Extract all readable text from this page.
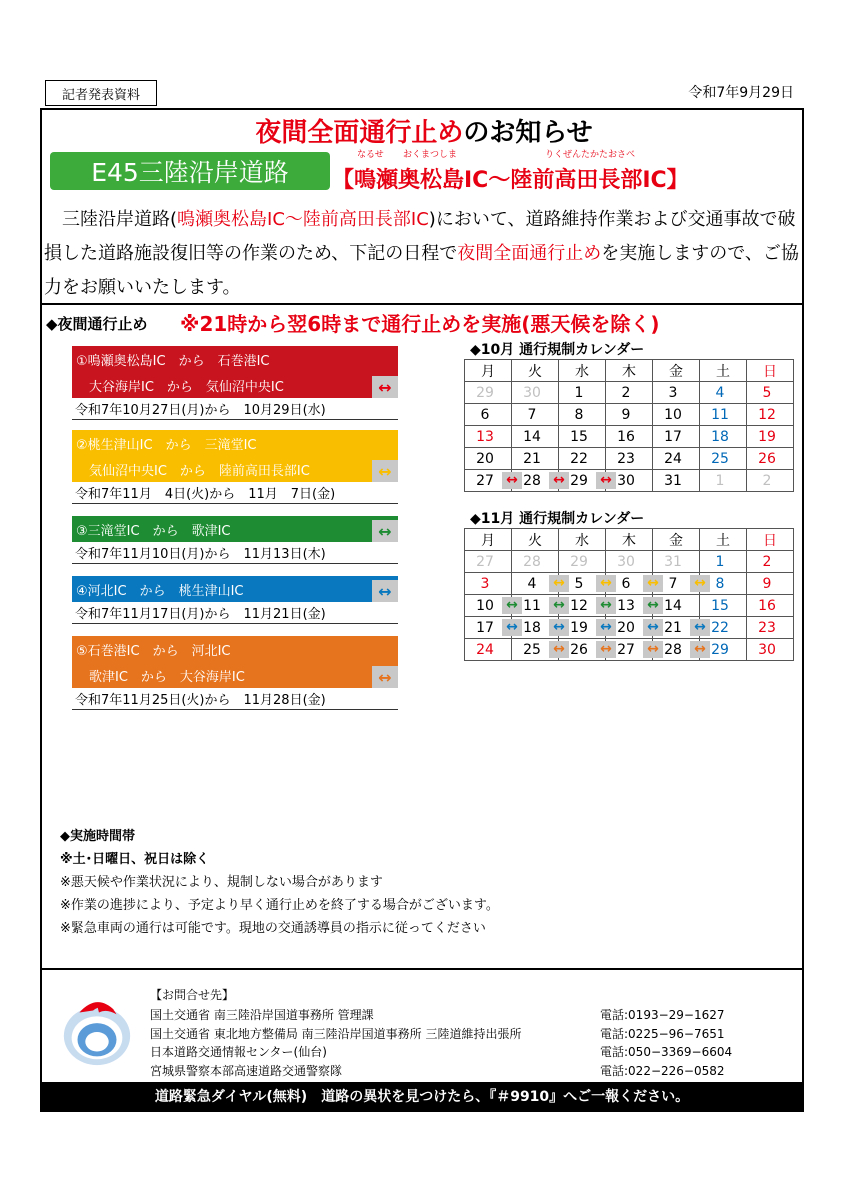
記者発表資料	令和7年9月29日
夜間全面通行止めのお知らせ
E45三陸沿岸道路
なるせ おくまつしま	りくぜんたかたおさべ
【鳴瀬奥松島IC～陸前高田長部IC】
三陸沿岸道路(鳴瀬奥松島IC～陸前高田長部IC)において、道路維持作業および交通事故で破損した道路施設復旧等の作業のため、下記の日程で夜間全面通行止めを実施しますので、ご協力をお願いいたします。
◆夜間通行止め ※21時から翌6時まで通行止めを実施(悪天候を除く)
①鳴瀬奥松島IC　から　石巻港IC
　大谷海岸IC　から　気仙沼中央IC	↔
令和7年10月27日(月)から　10月29日(水)
②桃生津山IC　から　三滝堂IC
　気仙沼中央IC　から　陸前高田長部IC	↔
令和7年11月　4日(火)から　11月　7日(金)
③三滝堂IC　から　歌津IC	↔
令和7年11月10日(月)から　11月13日(木)
④河北IC　から　桃生津山IC	↔
令和7年11月17日(月)から　11月21日(金)
⑤石巻港IC　から　河北IC
　歌津IC　から　大谷海岸IC	↔
令和7年11月25日(火)から　11月28日(金)
◆10月 通行規制カレンダー
月	火	水	木	金	土	日
29	30	1	2	3	4	5
6	7	8	9	10	11	12
13	14	15	16	17	18	19
20	21	22	23	24	25	26
27 ↔	28 ↔	29 ↔	30	31	1	2
◆11月 通行規制カレンダー
月	火	水	木	金	土	日
27	28	29	30	31	1	2
3	4 ↔	5 ↔	6 ↔	7 ↔	8	9
10 ↔	11 ↔	12 ↔	13 ↔	14	15	16
17 ↔	18 ↔	19 ↔	20 ↔	21 ↔	22	23
24	25 ↔	26 ↔	27 ↔	28 ↔	29	30
◆実施時間帯
※土･日曜日、祝日は除く
※悪天候や作業状況により、規制しない場合があります
※作業の進捗により、予定より早く通行止めを終了する場合がございます。
※緊急車両の通行は可能です。現地の交通誘導員の指示に従ってください
【お問合せ先】
国土交通省 南三陸沿岸国道事務所 管理課	電話:0193−29−1627
国土交通省 東北地方整備局 南三陸沿岸国道事務所 三陸道維持出張所	電話:0225−96−7651
日本道路交通情報センター(仙台)	電話:050−3369−6604
宮城県警察本部高速道路交通警察隊	電話:022−226−0582
道路緊急ダイヤル(無料)　道路の異状を見つけたら、『＃9910』へご一報ください。
